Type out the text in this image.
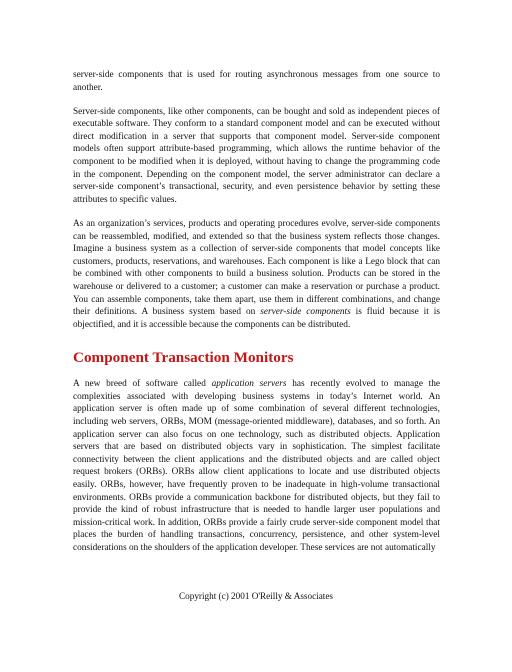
server-side components that is used for routing asynchronous messages from one source to another.

Server-side components, like other components, can be bought and sold as independent pieces of executable software. They conform to a standard component model and can be executed without direct modification in a server that supports that component model. Server-side component models often support attribute-based programming, which allows the runtime behavior of the component to be modified when it is deployed, without having to change the programming code in the component. Depending on the component model, the server administrator can declare a server-side component’s transactional, security, and even persistence behavior by setting these attributes to specific values.

As an organization’s services, products and operating procedures evolve, server-side components can be reassembled, modified, and extended so that the business system reflects those changes. Imagine a business system as a collection of server-side components that model concepts like customers, products, reservations, and warehouses. Each component is like a Lego block that can be combined with other components to build a business solution. Products can be stored in the warehouse or delivered to a customer; a customer can make a reservation or purchase a product. You can assemble components, take them apart, use them in different combinations, and change their definitions. A business system based on server-side components is fluid because it is objectified, and it is accessible because the components can be distributed.

Component Transaction Monitors

A new breed of software called application servers has recently evolved to manage the complexities associated with developing business systems in today’s Internet world. An application server is often made up of some combination of several different technologies, including web servers, ORBs, MOM (message-oriented middleware), databases, and so forth. An application server can also focus on one technology, such as distributed objects. Application servers that are based on distributed objects vary in sophistication. The simplest facilitate connectivity between the client applications and the distributed objects and are called object request brokers (ORBs). ORBs allow client applications to locate and use distributed objects easily. ORBs, however, have frequently proven to be inadequate in high-volume transactional environments. ORBs provide a communication backbone for distributed objects, but they fail to provide the kind of robust infrastructure that is needed to handle larger user populations and mission-critical work. In addition, ORBs provide a fairly crude server-side component model that places the burden of handling transactions, concurrency, persistence, and other system-level considerations on the shoulders of the application developer. These services are not automatically

Copyright (c) 2001 O'Reilly & Associates
